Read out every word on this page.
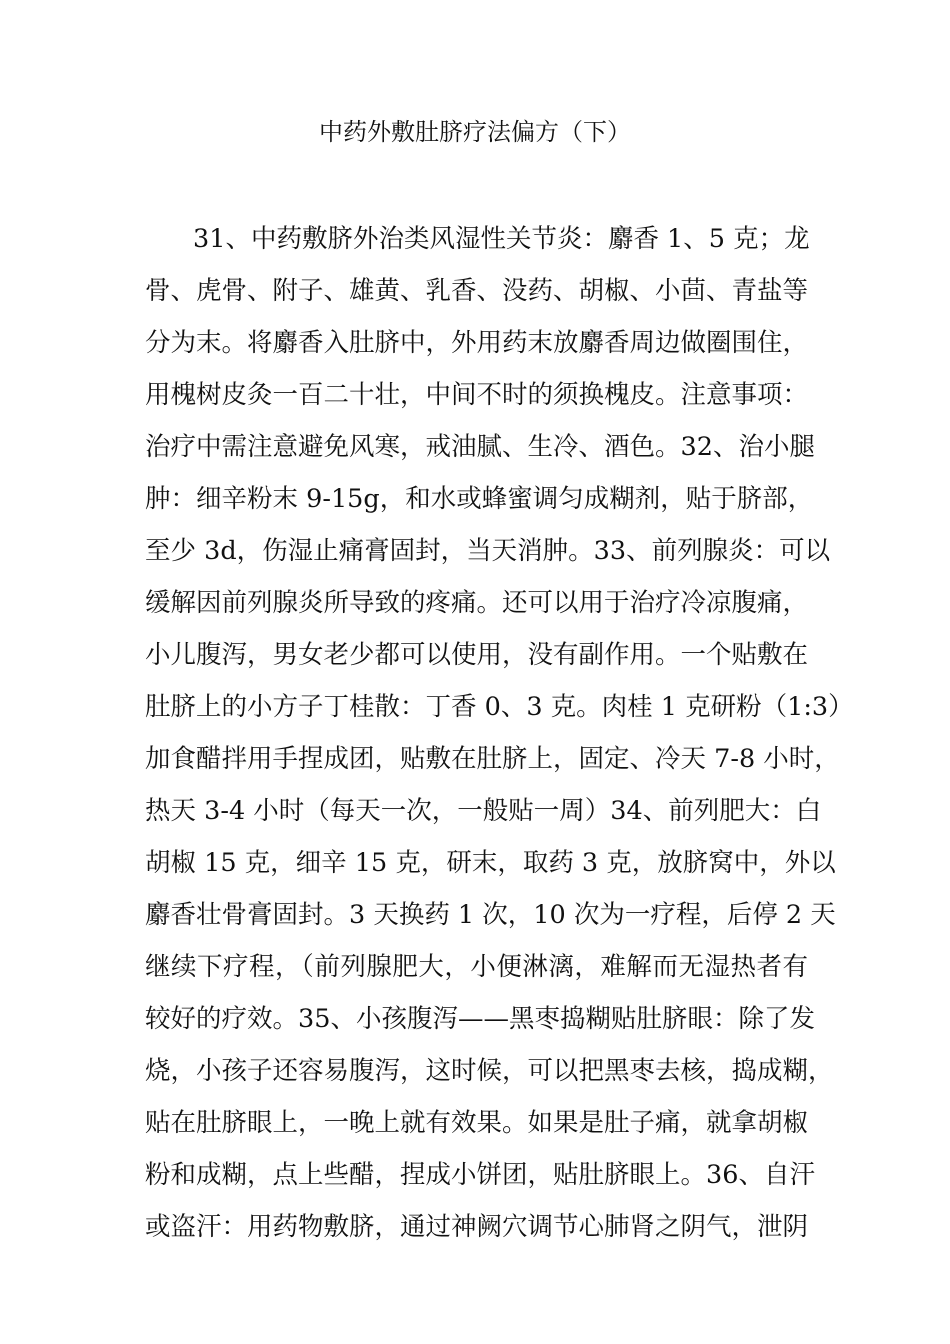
中药外敷肚脐疗法偏方（下）
31、中药敷脐外治类风湿性关节炎：麝香 1、5 克；龙
骨、虎骨、附子、雄黄、乳香、没药、胡椒、小茴、青盐等
分为末。将麝香入肚脐中，外用药末放麝香周边做圈围住，
用槐树皮灸一百二十壮，中间不时的须换槐皮。注意事项：
治疗中需注意避免风寒，戒油腻、生冷、酒色。32、治小腿
肿：细辛粉末 9-15g，和水或蜂蜜调匀成糊剂，贴于脐部，
至少 3d，伤湿止痛膏固封，当天消肿。33、前列腺炎：可以
缓解因前列腺炎所导致的疼痛。还可以用于治疗冷凉腹痛，
小儿腹泻，男女老少都可以使用，没有副作用。一个贴敷在
肚脐上的小方子丁桂散：丁香 0、3 克。肉桂 1 克研粉（1:3）
加食醋拌用手捏成团，贴敷在肚脐上，固定、冷天 7-8 小时，
热天 3-4 小时（每天一次，一般贴一周）34、前列肥大：白
胡椒 15 克，细辛 15 克，研末，取药 3 克，放脐窝中，外以
麝香壮骨膏固封。3 天换药 1 次，10 次为一疗程，后停 2 天
继续下疗程，（前列腺肥大，小便淋漓，难解而无湿热者有
较好的疗效。35、小孩腹泻——黑枣捣糊贴肚脐眼：除了发
烧，小孩子还容易腹泻，这时候，可以把黑枣去核，捣成糊，
贴在肚脐眼上，一晚上就有效果。如果是肚子痛，就拿胡椒
粉和成糊，点上些醋，捏成小饼团，贴肚脐眼上。36、自汗
或盗汗：用药物敷脐，通过神阙穴调节心肺肾之阴气，泄阴
